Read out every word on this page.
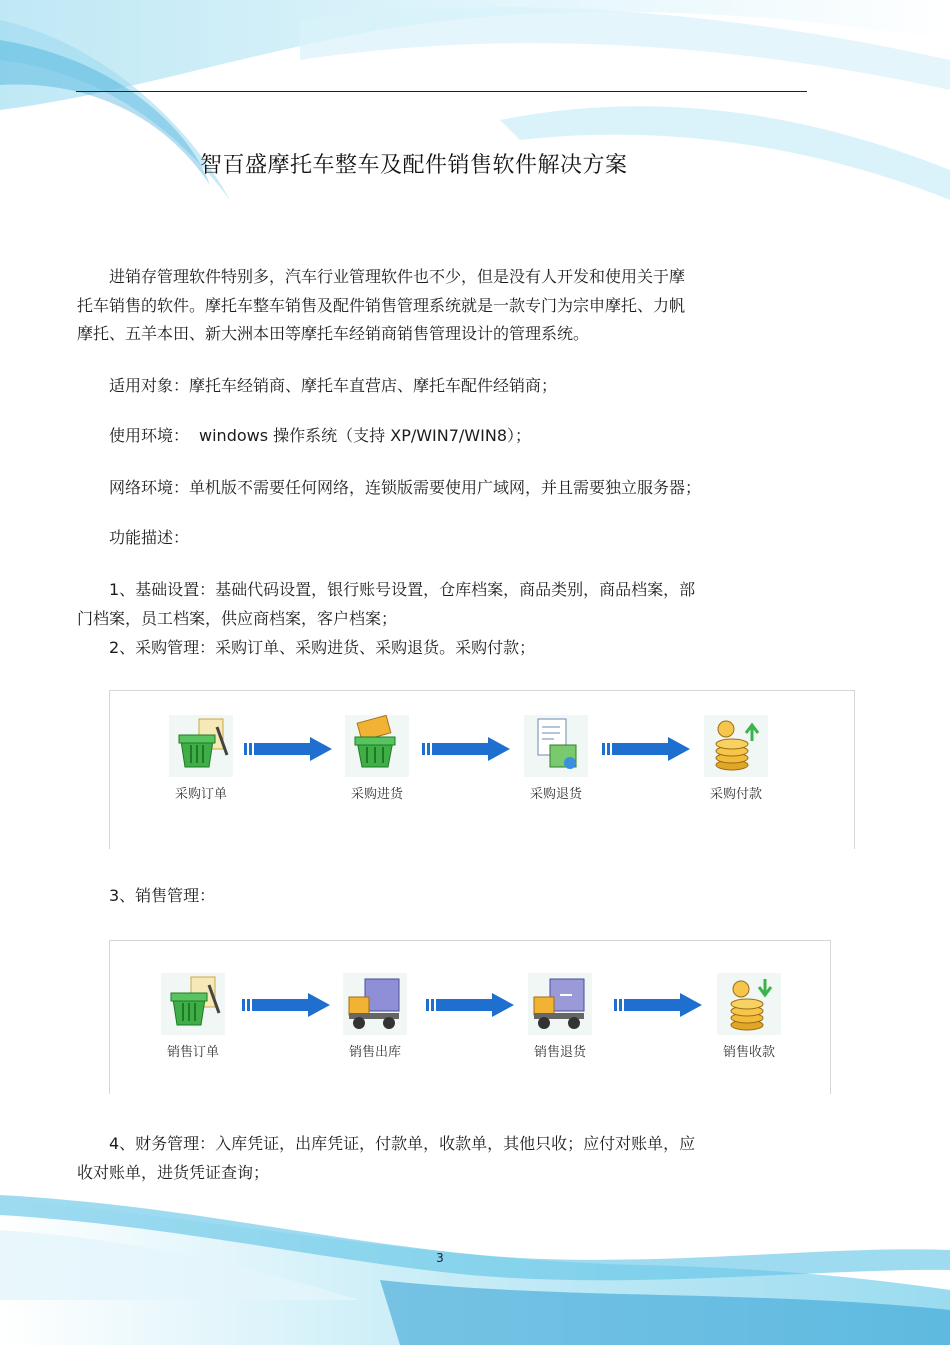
智百盛摩托车整车及配件销售软件解决方案
进销存管理软件特别多，汽车行业管理软件也不少，但是没有人开发和使用关于摩
托车销售的软件。摩托车整车销售及配件销售管理系统就是一款专门为宗申摩托、力帆
摩托、五羊本田、新大洲本田等摩托车经销商销售管理设计的管理系统。
适用对象：摩托车经销商、摩托车直营店、摩托车配件经销商；
使用环境： windows 操作系统（支持 XP/WIN7/WIN8）；
网络环境：单机版不需要任何网络，连锁版需要使用广域网，并且需要独立服务器；
功能描述：
1、基础设置：基础代码设置，银行账号设置，仓库档案，商品类别，商品档案，部
门档案，员工档案，供应商档案，客户档案；
2、采购管理：采购订单、采购进货、采购退货。采购付款；
采购订单	采购进货	采购退货	采购付款
3、销售管理：
销售订单	销售出库	销售退货	销售收款
4、财务管理：入库凭证，出库凭证，付款单，收款单，其他只收；应付对账单，应
收对账单，进货凭证查询；
3
